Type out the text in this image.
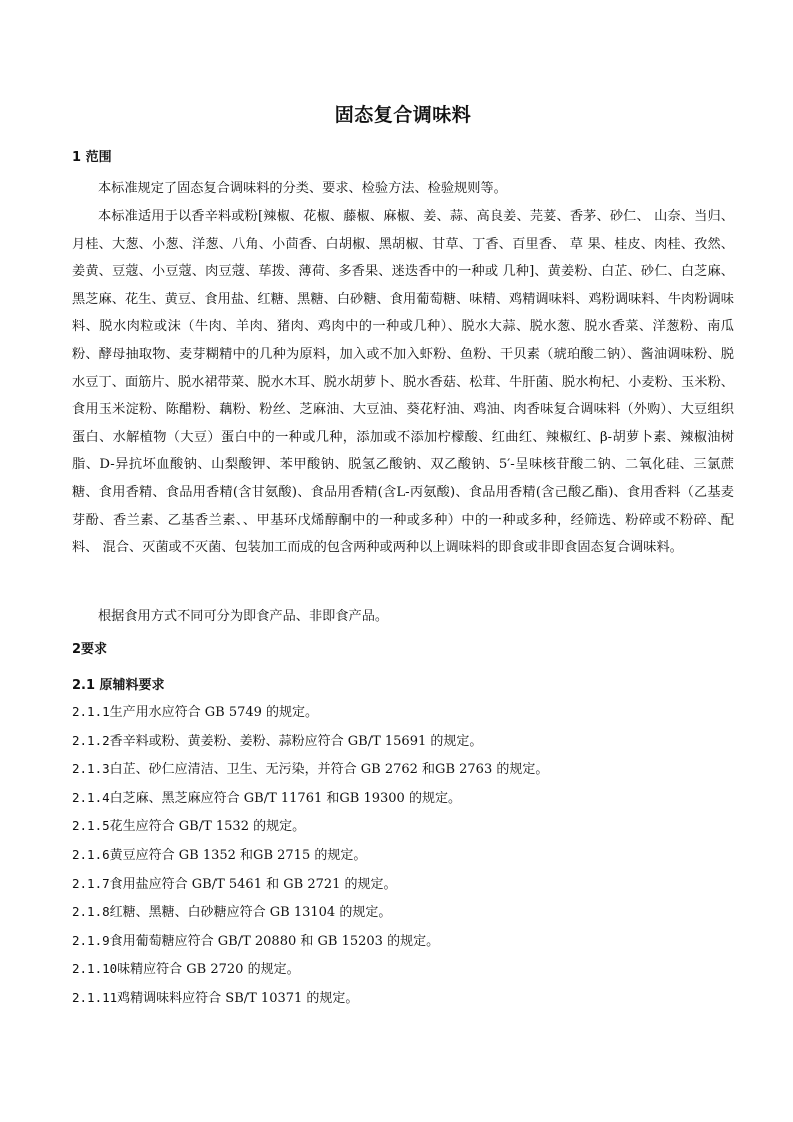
固态复合调味料
1 范围
本标准规定了固态复合调味料的分类、要求、检验方法、检验规则等。
本标准适用于以香辛料或粉[辣椒、花椒、藤椒、麻椒、姜、蒜、高良姜、芫荽、香茅、砂仁、 山奈、当归、月桂、大葱、小葱、洋葱、八角、小茴香、白胡椒、黑胡椒、甘草、丁香、百里香、 草 果、桂皮、肉桂、孜然、姜黄、豆蔻、小豆蔻、肉豆蔻、荜拨、薄荷、多香果、迷迭香中的一种或 几种]、黄姜粉、白芷、砂仁、白芝麻、黑芝麻、花生、黄豆、食用盐、红糖、黑糖、白砂糖、食用葡萄糖、味精、鸡精调味料、鸡粉调味料、牛肉粉调味料、脱水肉粒或沫（牛肉、羊肉、猪肉、鸡肉中的一种或几种）、脱水大蒜、脱水葱、脱水香菜、洋葱粉、南瓜粉、酵母抽取物、麦芽糊精中的几种为原料，加入或不加入虾粉、鱼粉、干贝素（琥珀酸二钠）、酱油调味粉、脱水豆丁、面筋片、脱水裙带菜、脱水木耳、脱水胡萝卜、脱水香菇、松茸、牛肝菌、脱水枸杞、小麦粉、玉米粉、食用玉米淀粉、陈醋粉、藕粉、粉丝、芝麻油、大豆油、葵花籽油、鸡油、肉香味复合调味料（外购）、大豆组织蛋白、水解植物（大豆）蛋白中的一种或几种，添加或不添加柠檬酸、红曲红、辣椒红、β-胡萝卜素、辣椒油树脂、D-异抗坏血酸钠、山梨酸钾、苯甲酸钠、脱氢乙酸钠、双乙酸钠、5′-呈味核苷酸二钠、二氧化硅、三氯蔗糖、食用香精、食品用香精(含甘氨酸)、食品用香精(含L-丙氨酸)、食品用香精(含己酸乙酯)、食用香料（乙基麦芽酚、香兰素、乙基香兰素、、甲基环戊烯醇酮中的一种或多种）中的一种或多种，经筛选、粉碎或不粉碎、配料、 混合、灭菌或不灭菌、包装加工而成的包含两种或两种以上调味料的即食或非即食固态复合调味料。
根据食用方式不同可分为即食产品、非即食产品。
2要求
2.1 原辅料要求
2.1.1生产用水应符合 GB 5749 的规定。
2.1.2香辛料或粉、黄姜粉、姜粉、蒜粉应符合 GB/T 15691 的规定。
2.1.3白芷、砂仁应清洁、卫生、无污染，并符合 GB 2762 和GB 2763 的规定。
2.1.4白芝麻、黑芝麻应符合 GB/T 11761 和GB 19300 的规定。
2.1.5花生应符合 GB/T 1532 的规定。
2.1.6黄豆应符合 GB 1352 和GB 2715 的规定。
2.1.7食用盐应符合 GB/T 5461 和 GB 2721 的规定。
2.1.8红糖、黑糖、白砂糖应符合 GB 13104 的规定。
2.1.9食用葡萄糖应符合 GB/T 20880 和 GB 15203 的规定。
2.1.10味精应符合 GB 2720 的规定。
2.1.11鸡精调味料应符合 SB/T 10371 的规定。
